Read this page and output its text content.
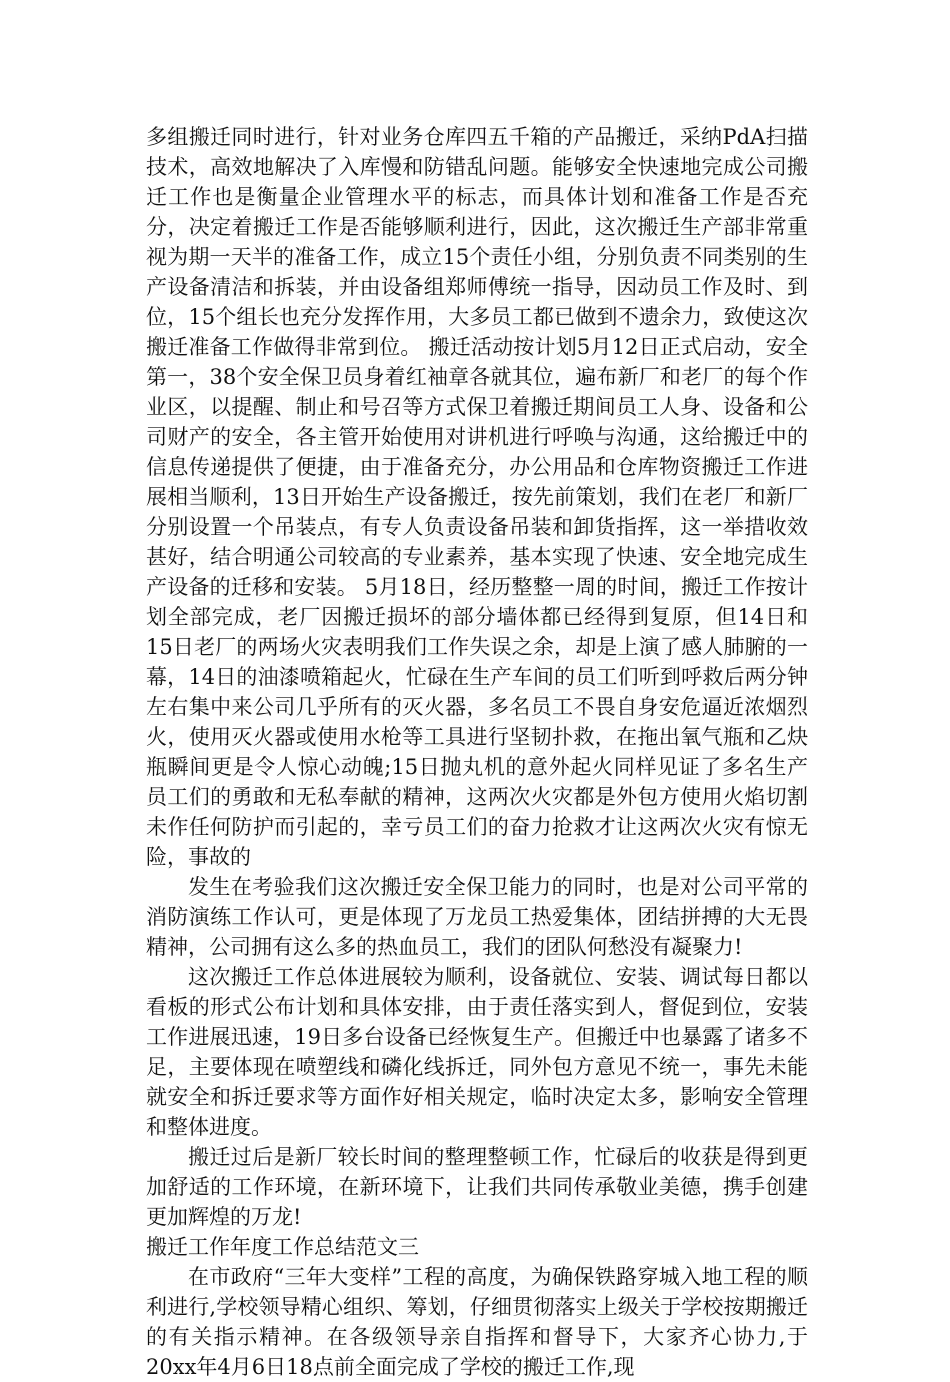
多组搬迁同时进行，针对业务仓库四五千箱的产品搬迁，采纳PdA扫描技术，高效地解决了入库慢和防错乱问题。能够安全快速地完成公司搬迁工作也是衡量企业管理水平的标志，而具体计划和准备工作是否充分，决定着搬迁工作是否能够顺利进行，因此，这次搬迁生产部非常重视为期一天半的准备工作，成立15个责任小组，分别负责不同类别的生产设备清洁和拆装，并由设备组郑师傅统一指导，因动员工作及时、到位，15个组长也充分发挥作用，大多员工都已做到不遗余力，致使这次搬迁准备工作做得非常到位。 搬迁活动按计划5月12日正式启动，安全第一，38个安全保卫员身着红袖章各就其位，遍布新厂和老厂的每个作业区，以提醒、制止和号召等方式保卫着搬迁期间员工人身、设备和公司财产的安全，各主管开始使用对讲机进行呼唤与沟通，这给搬迁中的信息传递提供了便捷，由于准备充分，办公用品和仓库物资搬迁工作进展相当顺利，13日开始生产设备搬迁，按先前策划，我们在老厂和新厂分别设置一个吊装点，有专人负责设备吊装和卸货指挥，这一举措收效甚好，结合明通公司较高的专业素养，基本实现了快速、安全地完成生产设备的迁移和安装。 5月18日，经历整整一周的时间，搬迁工作按计划全部完成，老厂因搬迁损坏的部分墙体都已经得到复原，但14日和15日老厂的两场火灾表明我们工作失误之余，却是上演了感人肺腑的一幕，14日的油漆喷箱起火，忙碌在生产车间的员工们听到呼救后两分钟左右集中来公司几乎所有的灭火器，多名员工不畏自身安危逼近浓烟烈火，使用灭火器或使用水枪等工具进行坚韧扑救，在拖出氧气瓶和乙炔瓶瞬间更是令人惊心动魄;15日抛丸机的意外起火同样见证了多名生产员工们的勇敢和无私奉献的精神，这两次火灾都是外包方使用火焰切割未作任何防护而引起的，幸亏员工们的奋力抢救才让这两次火灾有惊无险，事故的

发生在考验我们这次搬迁安全保卫能力的同时，也是对公司平常的消防演练工作认可，更是体现了万龙员工热爱集体，团结拼搏的大无畏精神，公司拥有这么多的热血员工，我们的团队何愁没有凝聚力!

这次搬迁工作总体进展较为顺利，设备就位、安装、调试每日都以看板的形式公布计划和具体安排，由于责任落实到人，督促到位，安装工作进展迅速，19日多台设备已经恢复生产。但搬迁中也暴露了诸多不足，主要体现在喷塑线和磷化线拆迁，同外包方意见不统一，事先未能就安全和拆迁要求等方面作好相关规定，临时决定太多，影响安全管理和整体进度。

搬迁过后是新厂较长时间的整理整顿工作，忙碌后的收获是得到更加舒适的工作环境，在新环境下，让我们共同传承敬业美德，携手创建更加辉煌的万龙!

搬迁工作年度工作总结范文三

在市政府“三年大变样”工程的高度，为确保铁路穿城入地工程的顺利进行,学校领导精心组织、筹划，仔细贯彻落实上级关于学校按期搬迁的有关指示精神。在各级领导亲自指挥和督导下，大家齐心协力,于20xx年4月6日18点前全面完成了学校的搬迁工作,现
